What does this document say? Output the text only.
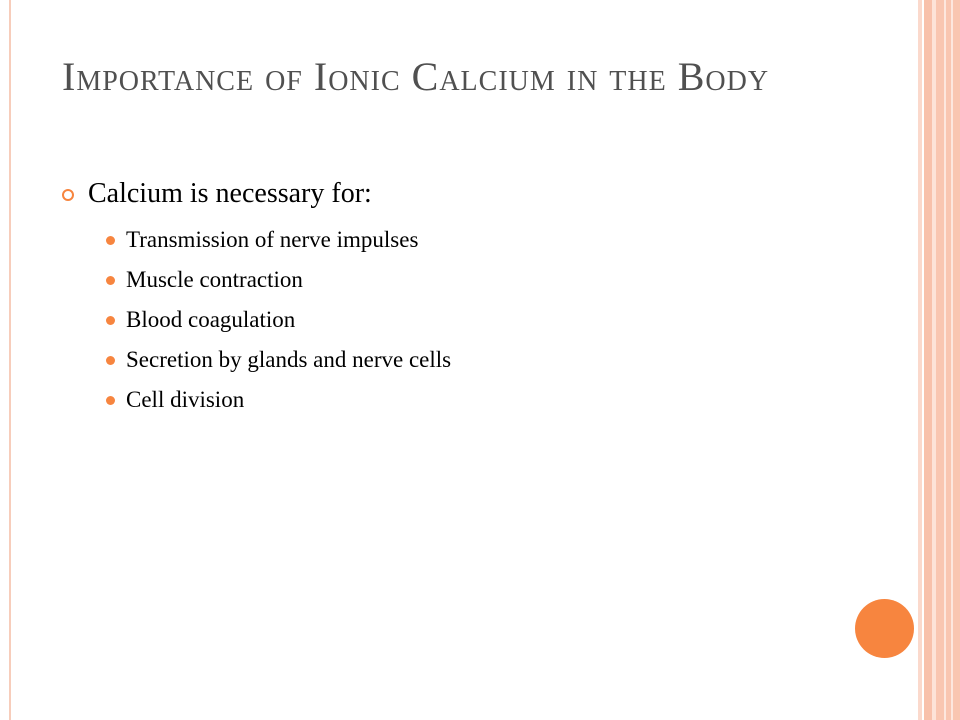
Importance of Ionic Calcium in the Body
Calcium is necessary for:
Transmission of nerve impulses
Muscle contraction
Blood coagulation
Secretion by glands and nerve cells
Cell division
